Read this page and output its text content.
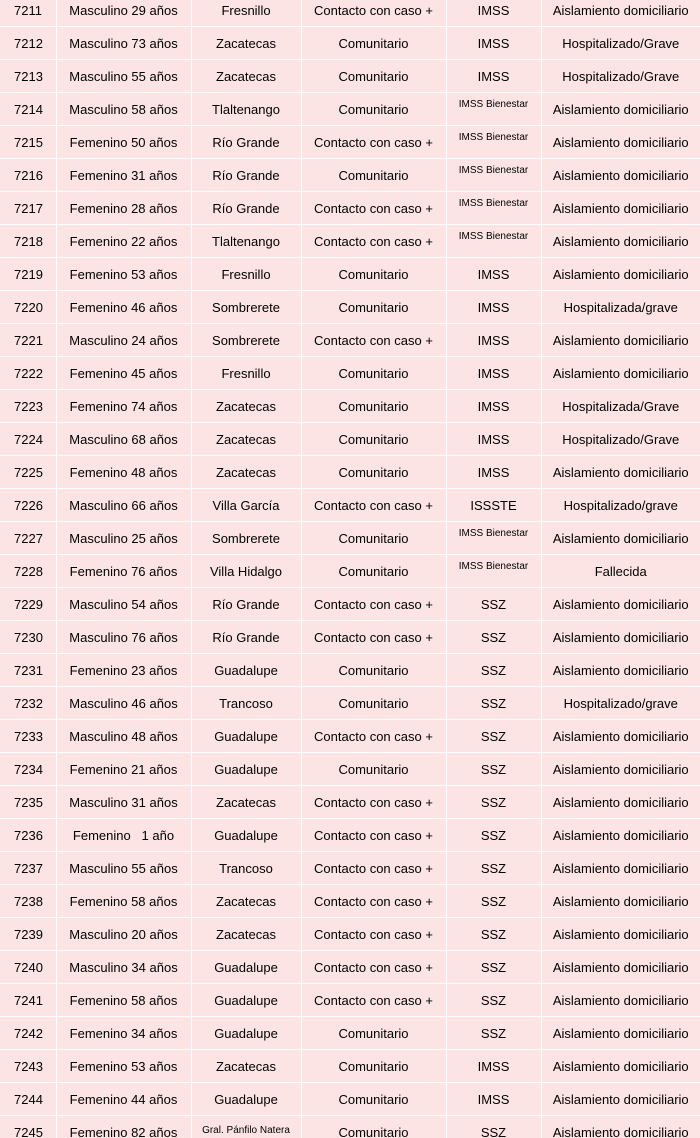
7211	Masculino 29 años	Fresnillo	Contacto con caso +	IMSS	Aislamiento domiciliario
7212	Masculino 73 años	Zacatecas	Comunitario	IMSS	Hospitalizado/Grave
7213	Masculino 55 años	Zacatecas	Comunitario	IMSS	Hospitalizado/Grave
7214	Masculino 58 años	Tlaltenango	Comunitario	$^{IMSS Bienestar}$	Aislamiento domiciliario
7215	Femenino 50 años	Río Grande	Contacto con caso +	$^{IMSS Bienestar}$	Aislamiento domiciliario
7216	Femenino 31 años	Río Grande	Comunitario	$^{IMSS Bienestar}$	Aislamiento domiciliario
7217	Femenino 28 años	Río Grande	Contacto con caso +	$^{IMSS Bienestar}$	Aislamiento domiciliario
7218	Femenino 22 años	Tlaltenango	Contacto con caso +	$^{IMSS Bienestar}$	Aislamiento domiciliario
7219	Femenino 53 años	Fresnillo	Comunitario	IMSS	Aislamiento domiciliario
7220	Femenino 46 años	Sombrerete	Comunitario	IMSS	Hospitalizada/grave
7221	Masculino 24 años	Sombrerete	Contacto con caso +	IMSS	Aislamiento domiciliario
7222	Femenino 45 años	Fresnillo	Comunitario	IMSS	Aislamiento domiciliario
7223	Femenino 74 años	Zacatecas	Comunitario	IMSS	Hospitalizada/Grave
7224	Masculino 68 años	Zacatecas	Comunitario	IMSS	Hospitalizado/Grave
7225	Femenino 48 años	Zacatecas	Comunitario	IMSS	Aislamiento domiciliario
7226	Masculino 66 años	Villa García	Contacto con caso +	ISSSTE	Hospitalizado/grave
7227	Masculino 25 años	Sombrerete	Comunitario	$^{IMSS Bienestar}$	Aislamiento domiciliario
7228	Femenino 76 años	Villa Hidalgo	Comunitario	$^{IMSS Bienestar}$	Fallecida
7229	Masculino 54 años	Río Grande	Contacto con caso +	SSZ	Aislamiento domiciliario
7230	Masculino 76 años	Río Grande	Contacto con caso +	SSZ	Aislamiento domiciliario
7231	Femenino 23 años	Guadalupe	Comunitario	SSZ	Aislamiento domiciliario
7232	Masculino 46 años	Trancoso	Comunitario	SSZ	Hospitalizado/grave
7233	Masculino 48 años	Guadalupe	Contacto con caso +	SSZ	Aislamiento domiciliario
7234	Femenino 21 años	Guadalupe	Comunitario	SSZ	Aislamiento domiciliario
7235	Masculino 31 años	Zacatecas	Contacto con caso +	SSZ	Aislamiento domiciliario
7236	Femenino   1 año	Guadalupe	Contacto con caso +	SSZ	Aislamiento domiciliario
7237	Masculino 55 años	Trancoso	Contacto con caso +	SSZ	Aislamiento domiciliario
7238	Femenino 58 años	Zacatecas	Contacto con caso +	SSZ	Aislamiento domiciliario
7239	Masculino 20 años	Zacatecas	Contacto con caso +	SSZ	Aislamiento domiciliario
7240	Masculino 34 años	Guadalupe	Contacto con caso +	SSZ	Aislamiento domiciliario
7241	Femenino 58 años	Guadalupe	Contacto con caso +	SSZ	Aislamiento domiciliario
7242	Femenino 34 años	Guadalupe	Comunitario	SSZ	Aislamiento domiciliario
7243	Femenino 53 años	Zacatecas	Comunitario	IMSS	Aislamiento domiciliario
7244	Femenino 44 años	Guadalupe	Comunitario	IMSS	Aislamiento domiciliario
7245	Femenino 82 años	$^{Gral. Pánfilo Natera}$	Comunitario	SSZ	Aislamiento domiciliario
